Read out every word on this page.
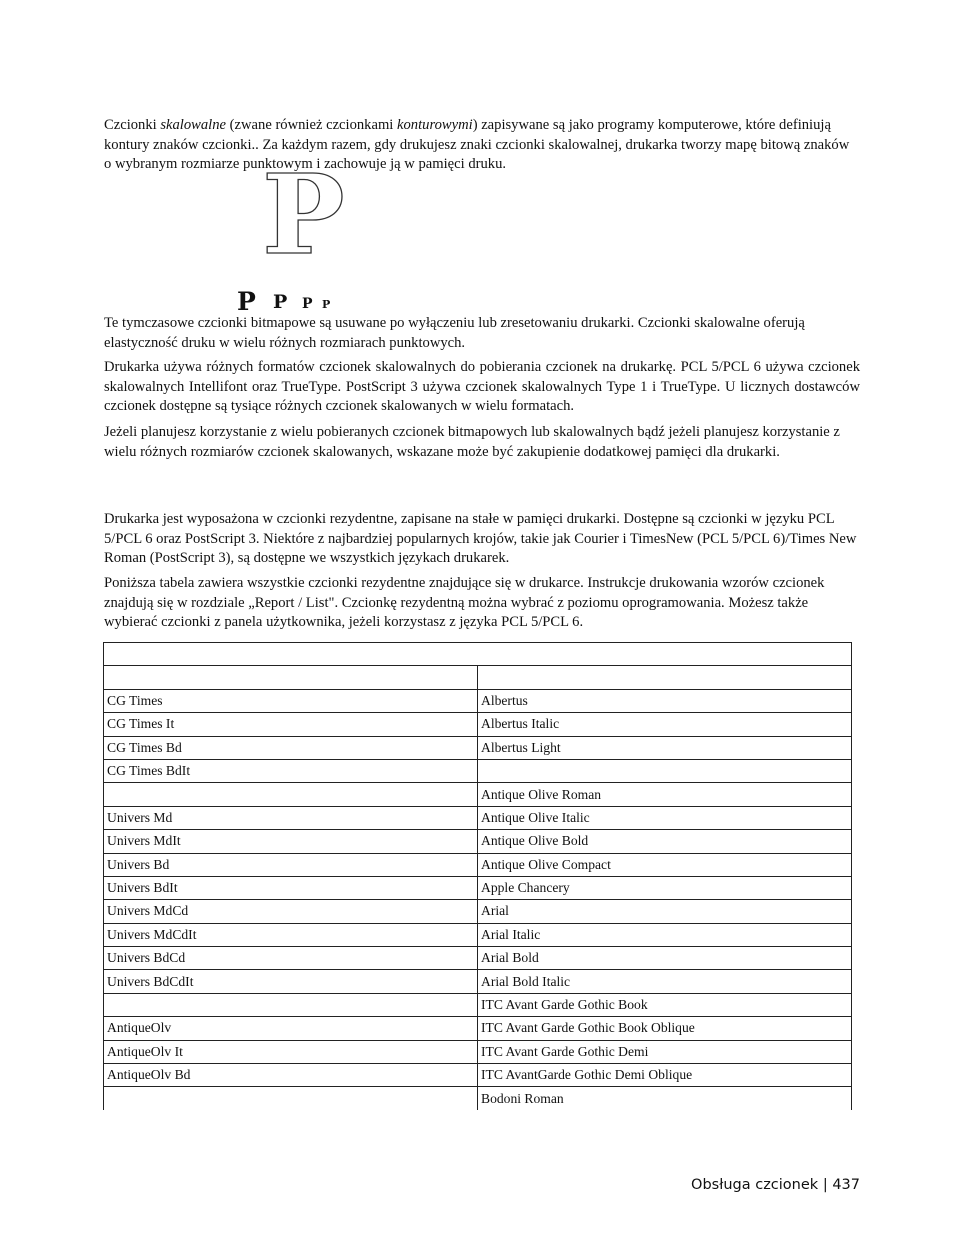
Czcionki skalowalne (zwane również czcionkami konturowymi) zapisywane są jako programy komputerowe, które definiują kontury znaków czcionki.. Za każdym razem, gdy drukujesz znaki czcionki skalowalnej, drukarka tworzy mapę bitową znaków o wybranym rozmiarze punktowym i zachowuje ją w pamięci druku.

P
P P P P

Te tymczasowe czcionki bitmapowe są usuwane po wyłączeniu lub zresetowaniu drukarki. Czcionki skalowalne oferują elastyczność druku w wielu różnych rozmiarach punktowych.

Drukarka używa różnych formatów czcionek skalowalnych do pobierania czcionek na drukarkę. PCL 5/PCL 6 używa czcionek skalowalnych Intellifont oraz TrueType. PostScript 3 używa czcionek skalowalnych Type 1 i TrueType. U licznych dostawców czcionek dostępne są tysiące różnych czcionek skalowanych w wielu formatach.

Jeżeli planujesz korzystanie z wielu pobieranych czcionek bitmapowych lub skalowalnych bądź jeżeli planujesz korzystanie z wielu różnych rozmiarów czcionek skalowanych, wskazane może być zakupienie dodatkowej pamięci dla drukarki.

Drukarka jest wyposażona w czcionki rezydentne, zapisane na stałe w pamięci drukarki. Dostępne są czcionki w języku PCL 5/PCL 6 oraz PostScript 3. Niektóre z najbardziej popularnych krojów, takie jak Courier i TimesNew (PCL 5/PCL 6)/Times New Roman (PostScript 3), są dostępne we wszystkich językach drukarek.

Poniższa tabela zawiera wszystkie czcionki rezydentne znajdujące się w drukarce. Instrukcje drukowania wzorów czcionek znajdują się w rozdziale „Report / List". Czcionkę rezydentną można wybrać z poziomu oprogramowania. Możesz także wybierać czcionki z panela użytkownika, jeżeli korzystasz z języka PCL 5/PCL 6.

CG Times	Albertus
CG Times It	Albertus Italic
CG Times Bd	Albertus Light
CG Times BdIt	
	Antique Olive Roman
Univers Md	Antique Olive Italic
Univers MdIt	Antique Olive Bold
Univers Bd	Antique Olive Compact
Univers BdIt	Apple Chancery
Univers MdCd	Arial
Univers MdCdIt	Arial Italic
Univers BdCd	Arial Bold
Univers BdCdIt	Arial Bold Italic
	ITC Avant Garde Gothic Book
AntiqueOlv	ITC Avant Garde Gothic Book Oblique
AntiqueOlv It	ITC Avant Garde Gothic Demi
AntiqueOlv Bd	ITC AvantGarde Gothic Demi Oblique
	Bodoni Roman
Obsługa czcionek | 437
